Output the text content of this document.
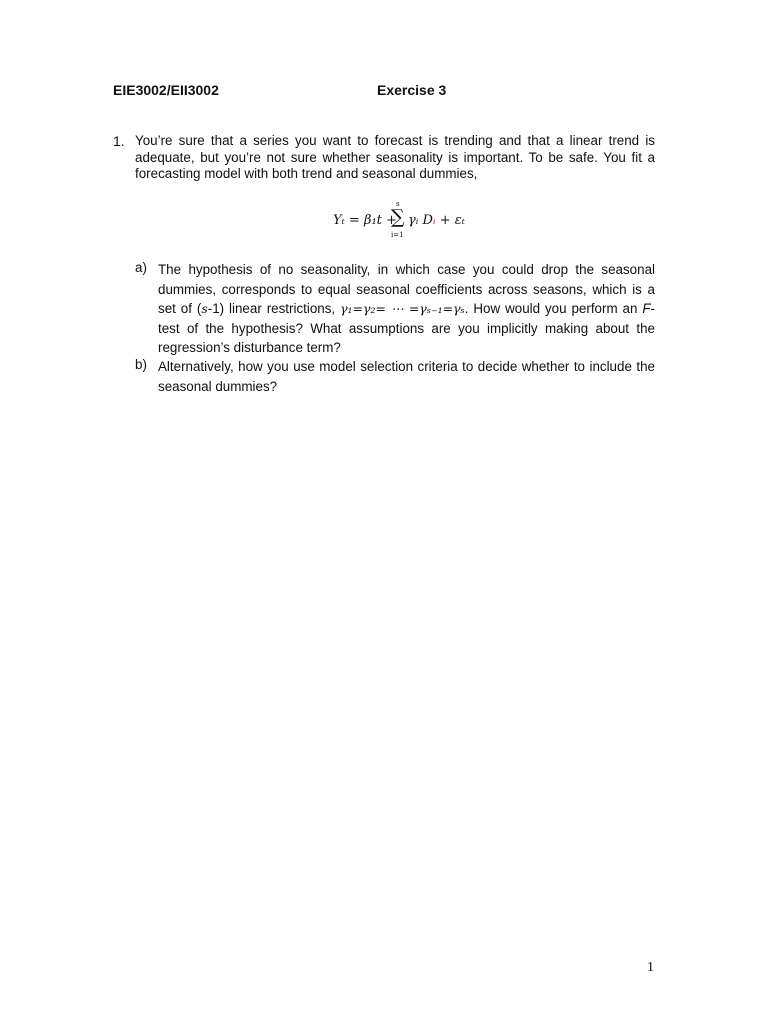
EIE3002/EII3002	Exercise 3
1. You’re sure that a series you want to forecast is trending and that a linear trend is adequate, but you’re not sure whether seasonality is important. To be safe. You fit a forecasting model with both trend and seasonal dummies,
Yₜ = β₁t +
s
∑
i=1
γᵢ Dᵢ + εₜ
a) The hypothesis of no seasonality, in which case you could drop the seasonal dummies, corresponds to equal seasonal coefficients across seasons, which is a set of (s-1) linear restrictions, γ₁=γ₂= ⋯ =γₛ₋₁=γₛ. How would you perform an F-test of the hypothesis? What assumptions are you implicitly making about the regression’s disturbance term?
b) Alternatively, how you use model selection criteria to decide whether to include the seasonal dummies?
1
